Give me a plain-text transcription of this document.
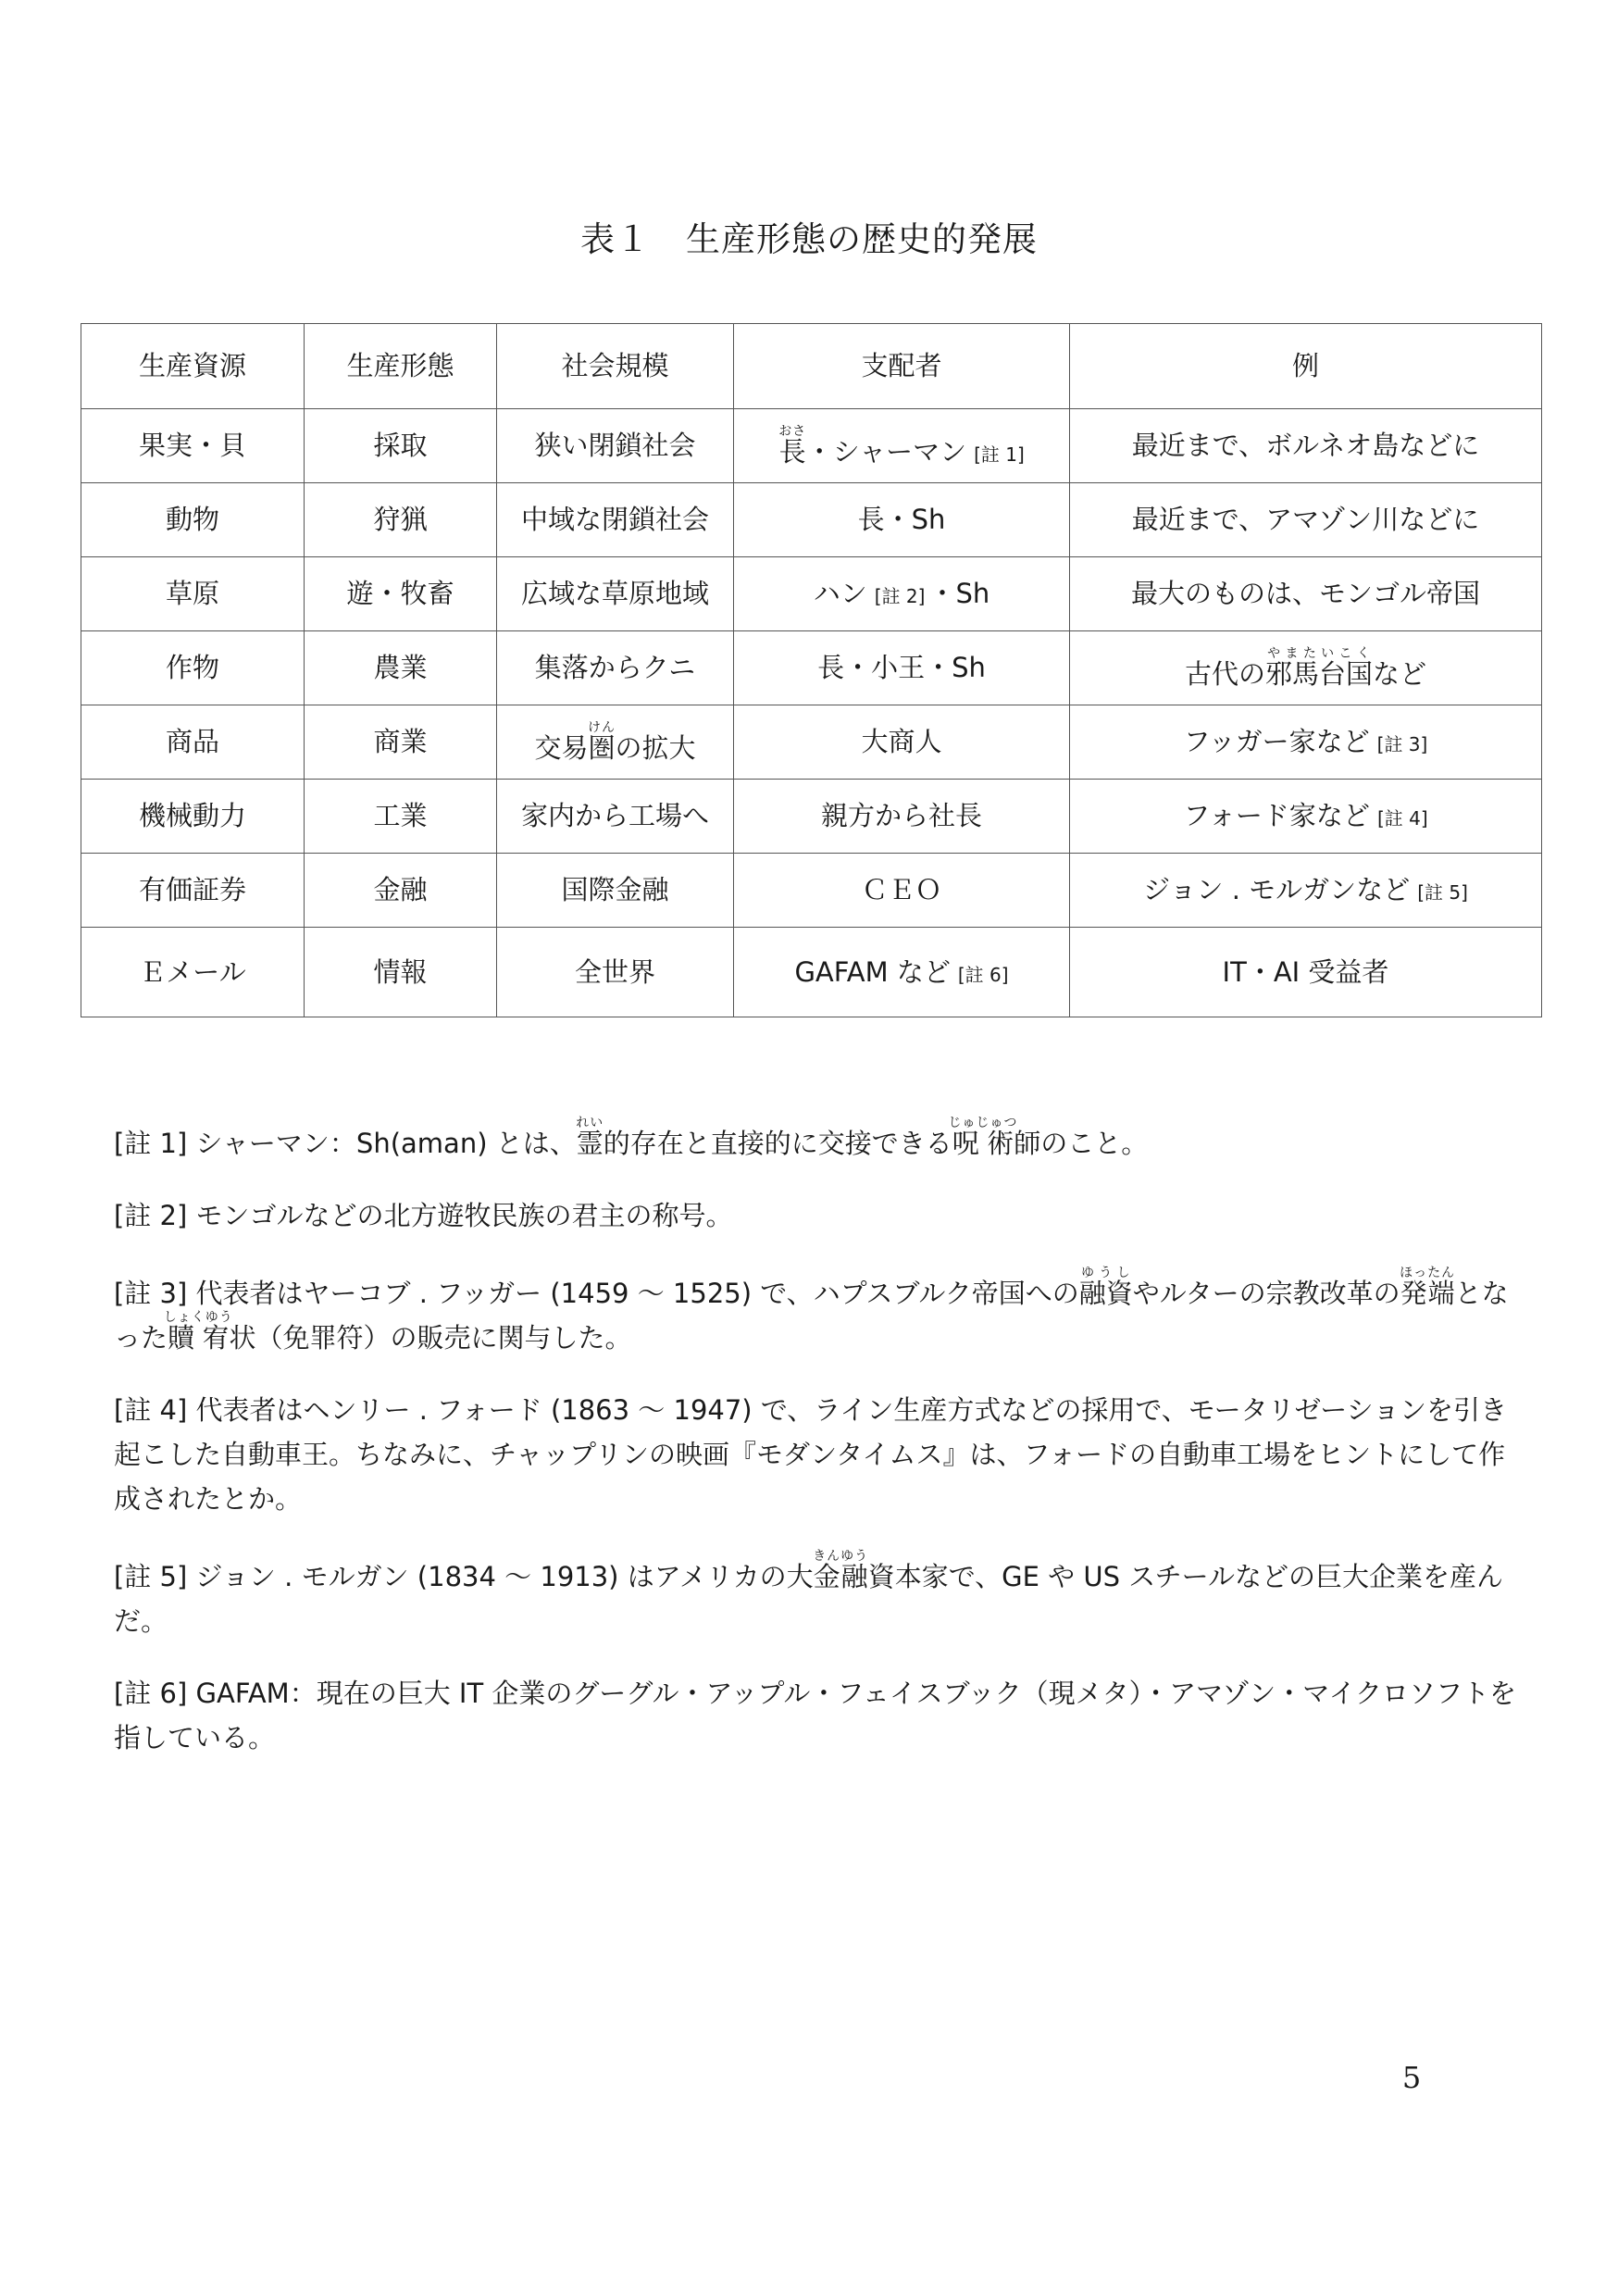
表１　生産形態の歴史的発展
生産資源	生産形態	社会規模	支配者	例
果実・貝	採取	狭い閉鎖社会	長おさ・シャーマン [註 1]	最近まで、ボルネオ島などに
動物	狩猟	中域な閉鎖社会	長・Sh	最近まで、アマゾン川などに
草原	遊・牧畜	広域な草原地域	ハン [註 2] ・Sh	最大のものは、モンゴル帝国
作物	農業	集落からクニ	長・小王・Sh	古代の邪馬台国やまたいこくなど
商品	商業	交易圏けんの拡大	大商人	フッガー家など [註 3]
機械動力	工業	家内から工場へ	親方から社長	フォード家など [註 4]
有価証券	金融	国際金融	ＣＥＯ	ジョン . モルガンなど [註 5]
Ｅメール	情報	全世界	GAFAM など [註 6]	IT・AI 受益者

[註 1] シャーマン：Sh(aman) とは、霊れい的存在と直接的に交接できる呪術じゅじゅつ師のこと。

[註 2] モンゴルなどの北方遊牧民族の君主の称号。

[註 3] 代表者はヤーコブ . フッガー (1459 ～ 1525) で、ハプスブルク帝国への融資ゆうしやルターの宗教改革の発端ほったんとなった贖宥しょくゆう状（免罪符）の販売に関与した。

[註 4] 代表者はヘンリー . フォード (1863 ～ 1947) で、ライン生産方式などの採用で、モータリゼーションを引き起こした自動車王。ちなみに、チャップリンの映画『モダンタイムス』は、フォードの自動車工場をヒントにして作成されたとか。

[註 5] ジョン . モルガン (1834 ～ 1913) はアメリカの大金融きんゆう資本家で、GE や US スチールなどの巨大企業を産んだ。

[註 6] GAFAM：現在の巨大 IT 企業のグーグル・アップル・フェイスブック（現メタ）・アマゾン・マイクロソフトを指している。

5
